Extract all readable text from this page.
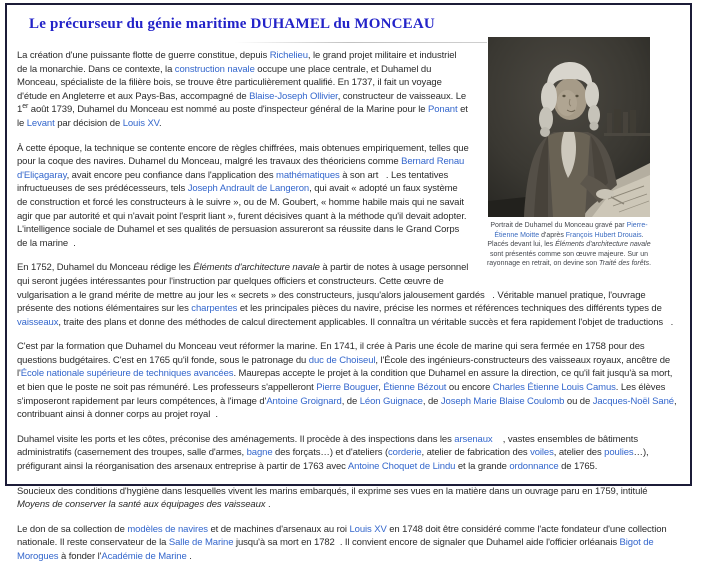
Le précurseur du génie maritime DUHAMEL du MONCEAU
Portrait de Duhamel du Monceau gravé par Pierre-Étienne Moitte d'après François Hubert Drouais. Placés devant lui, les Éléments d'architecture navale sont présentés comme son œuvre majeure. Sur un rayonnage en retrait, on devine son Traité des forêts.

La création d'une puissante flotte de guerre constitue, depuis Richelieu, le grand projet militaire et industriel de la monarchie. Dans ce contexte, la construction navale occupe une place centrale, et Duhamel du Monceau, spécialiste de la filière bois, se trouve être particulièrement qualifié. En 1737, il fait un voyage d'étude en Angleterre et aux Pays-Bas, accompagné de Blaise-Joseph Ollivier, constructeur de vaisseaux. Le 1er août 1739, Duhamel du Monceau est nommé au poste d'inspecteur général de la Marine pour le Ponant et le Levant par décision de Louis XV.

À cette époque, la technique se contente encore de règles chiffrées, mais obtenues empiriquement, telles que pour la coque des navires. Duhamel du Monceau, malgré les travaux des théoriciens comme Bernard Renau d'Eliçagaray, avait encore peu confiance dans l'application des mathématiques à son art   . Les tentatives infructueuses de ses prédécesseurs, tels Joseph Andrault de Langeron, qui avait « adopté un faux système de construction et forcé les constructeurs à le suivre », ou de M. Goubert, « homme habile mais qui ne savait agir que par autorité et qui n'avait point l'esprit liant », furent décisives quant à la méthode qu'il devait adopter. L'intelligence sociale de Duhamel et ses qualités de persuasion assureront sa réussite dans le Grand Corps de la marine  .

En 1752, Duhamel du Monceau rédige les Éléments d'architecture navale à partir de notes à usage personnel qui seront jugées intéressantes pour l'instruction par quelques officiers et constructeurs. Cette œuvre de vulgarisation a le grand mérite de mettre au jour les « secrets » des constructeurs, jusqu'alors jalousement gardés   . Véritable manuel pratique, l'ouvrage présente des notions élémentaires sur les charpentes et les principales pièces du navire, précise les normes et références techniques des différents types de vaisseaux, traite des plans et donne des méthodes de calcul directement applicables. Il connaîtra un véritable succès et fera rapidement l'objet de traductions   .

C'est par la formation que Duhamel du Monceau veut réformer la marine. En 1741, il crée à Paris une école de marine qui sera fermée en 1758 pour des questions budgétaires. C'est en 1765 qu'il fonde, sous le patronage du duc de Choiseul, l'École des ingénieurs-constructeurs des vaisseaux royaux, ancêtre de l'École nationale supérieure de techniques avancées. Maurepas accepte le projet à la condition que Duhamel en assure la direction, ce qu'il fait jusqu'à sa mort, et bien que le poste ne soit pas rémunéré. Les professeurs s'appelleront Pierre Bouguer, Étienne Bézout ou encore Charles Étienne Louis Camus. Les élèves s'imposeront rapidement par leurs compétences, à l'image d'Antoine Groignard, de Léon Guignace, de Joseph Marie Blaise Coulomb ou de Jacques-Noël Sané, contribuant ainsi à donner corps au projet royal  .

Duhamel visite les ports et les côtes, préconise des aménagements. Il procède à des inspections dans les arsenaux    , vastes ensembles de bâtiments administratifs (casernement des troupes, salle d'armes, bagne des forçats…) et d'ateliers (corderie, atelier de fabrication des voiles, atelier des poulies…), préfigurant ainsi la réorganisation des arsenaux entreprise à partir de 1763 avec Antoine Choquet de Lindu et la grande ordonnance de 1765.

Soucieux des conditions d'hygiène dans lesquelles vivent les marins embarqués, il exprime ses vues en la matière dans un ouvrage paru en 1759, intitulé Moyens de conserver la santé aux équipages des vaisseaux .

Le don de sa collection de modèles de navires et de machines d'arsenaux au roi Louis XV en 1748 doit être considéré comme l'acte fondateur d'une collection nationale. Il reste conservateur de la Salle de Marine jusqu'à sa mort en 1782  . Il convient encore de signaler que Duhamel aide l'officier orléanais Bigot de Morogues à fonder l'Académie de Marine .
